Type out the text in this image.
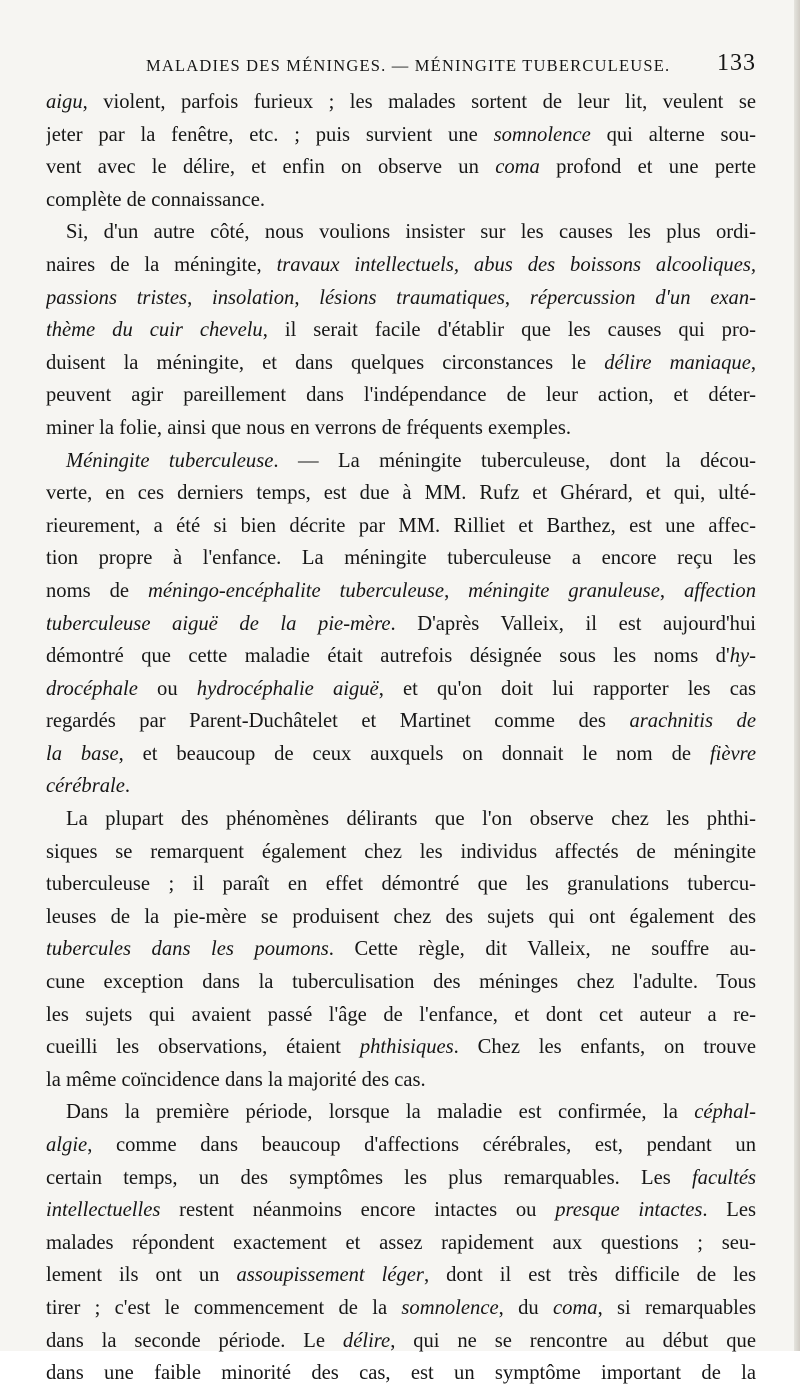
MALADIES DES MÉNINGES. — MÉNINGITE TUBERCULEUSE. 133
aigu, violent, parfois furieux ; les malades sortent de leur lit, veulent se
jeter par la fenêtre, etc. ; puis survient une somnolence qui alterne sou-
vent avec le délire, et enfin on observe un coma profond et une perte
complète de connaissance.
Si, d'un autre côté, nous voulions insister sur les causes les plus ordi-
naires de la méningite, travaux intellectuels, abus des boissons alcooliques,
passions tristes, insolation, lésions traumatiques, répercussion d'un exan-
thème du cuir chevelu, il serait facile d'établir que les causes qui pro-
duisent la méningite, et dans quelques circonstances le délire maniaque,
peuvent agir pareillement dans l'indépendance de leur action, et déter-
miner la folie, ainsi que nous en verrons de fréquents exemples.
Méningite tuberculeuse. — La méningite tuberculeuse, dont la décou-
verte, en ces derniers temps, est due à MM. Rufz et Ghérard, et qui, ulté-
rieurement, a été si bien décrite par MM. Rilliet et Barthez, est une affec-
tion propre à l'enfance. La méningite tuberculeuse a encore reçu les
noms de méningo-encéphalite tuberculeuse, méningite granuleuse, affection
tuberculeuse aiguë de la pie-mère. D'après Valleix, il est aujourd'hui
démontré que cette maladie était autrefois désignée sous les noms d'hy-
drocéphale ou hydrocéphalie aiguë, et qu'on doit lui rapporter les cas
regardés par Parent-Duchâtelet et Martinet comme des arachnitis de
la base, et beaucoup de ceux auxquels on donnait le nom de fièvre
cérébrale.
La plupart des phénomènes délirants que l'on observe chez les phthi-
siques se remarquent également chez les individus affectés de méningite
tuberculeuse ; il paraît en effet démontré que les granulations tubercu-
leuses de la pie-mère se produisent chez des sujets qui ont également des
tubercules dans les poumons. Cette règle, dit Valleix, ne souffre au-
cune exception dans la tuberculisation des méninges chez l'adulte. Tous
les sujets qui avaient passé l'âge de l'enfance, et dont cet auteur a re-
cueilli les observations, étaient phthisiques. Chez les enfants, on trouve
la même coïncidence dans la majorité des cas.
Dans la première période, lorsque la maladie est confirmée, la céphal-
algie, comme dans beaucoup d'affections cérébrales, est, pendant un
certain temps, un des symptômes les plus remarquables. Les facultés
intellectuelles restent néanmoins encore intactes ou presque intactes. Les
malades répondent exactement et assez rapidement aux questions ; seu-
lement ils ont un assoupissement léger, dont il est très difficile de les
tirer ; c'est le commencement de la somnolence, du coma, si remarquables
dans la seconde période. Le délire, qui ne se rencontre au début que
dans une faible minorité des cas, est un symptôme important de la
